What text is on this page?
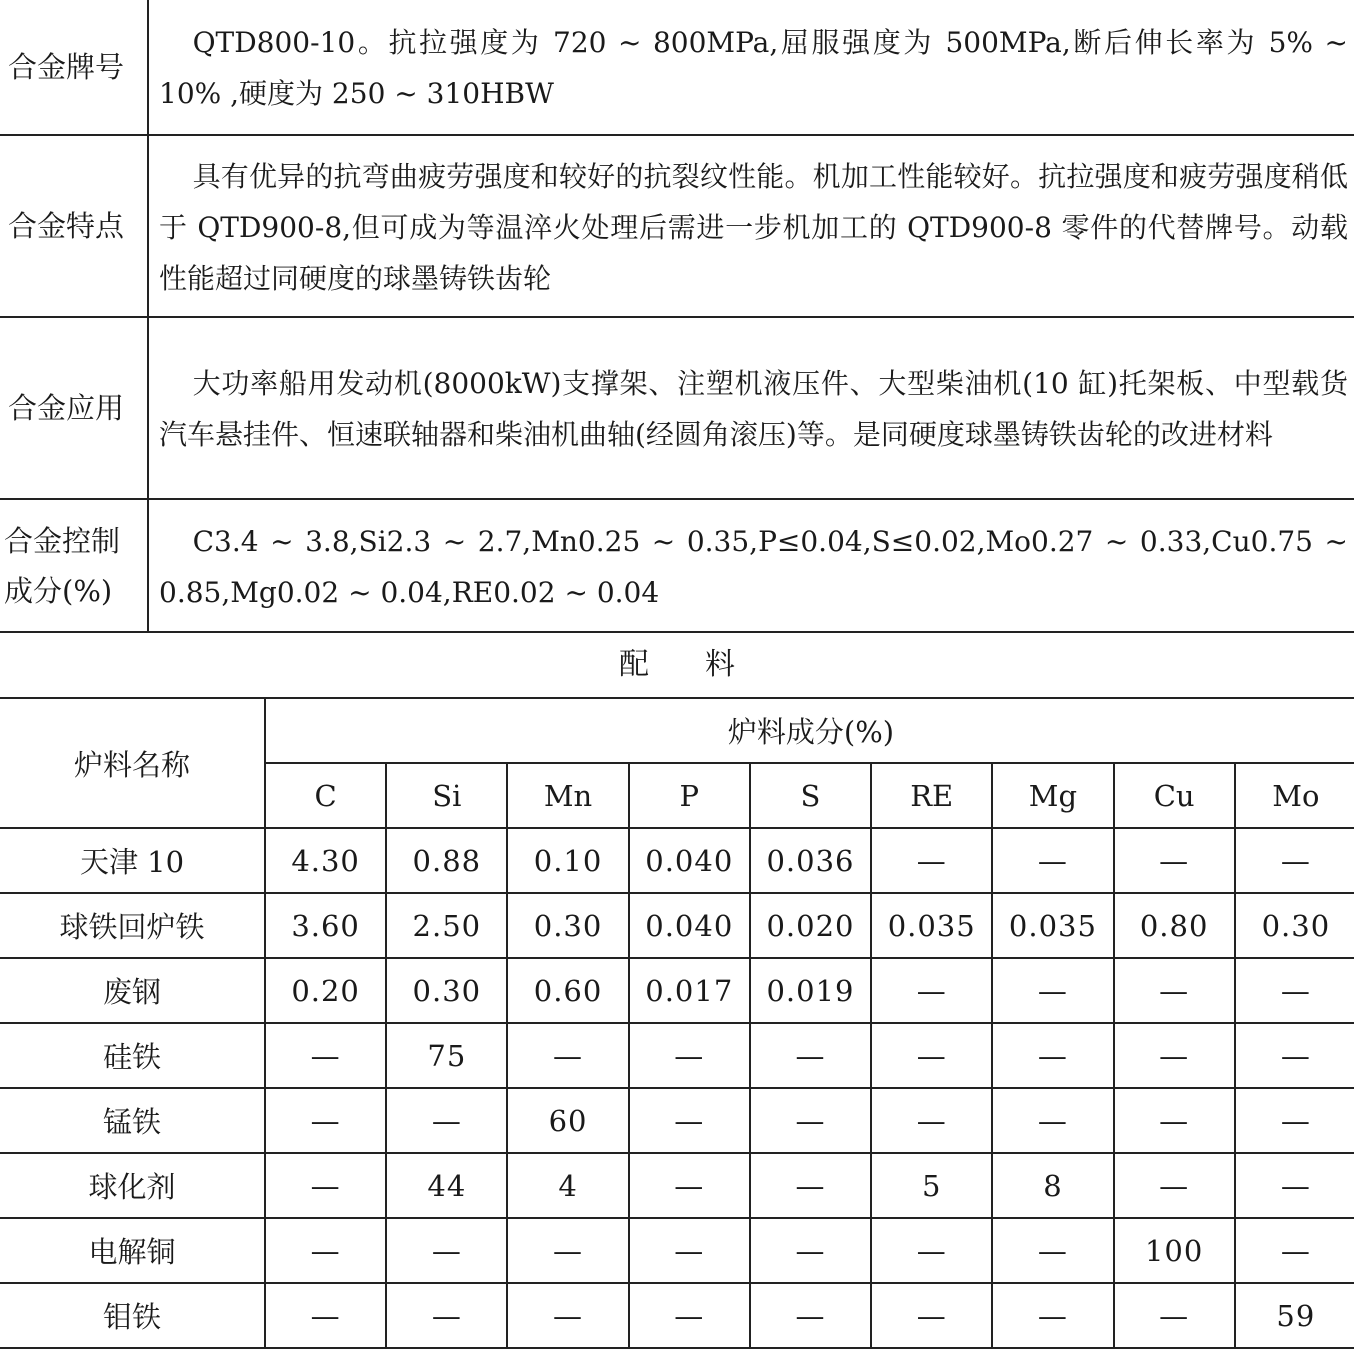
合金牌号	QTD800-10。抗拉强度为 720 ~ 800MPa,屈服强度为 500MPa,断后伸长率为 5% ~ 10% ,硬度为 250 ~ 310HBW
合金特点	具有优异的抗弯曲疲劳强度和较好的抗裂纹性能。机加工性能较好。抗拉强度和疲劳强度稍低于 QTD900-8,但可成为等温淬火处理后需进一步机加工的 QTD900-8 零件的代替牌号。动载性能超过同硬度的球墨铸铁齿轮
合金应用	大功率船用发动机(8000kW)支撑架、注塑机液压件、大型柴油机(10 缸)托架板、中型载货汽车悬挂件、恒速联轴器和柴油机曲轴(经圆角滚压)等。是同硬度球墨铸铁齿轮的改进材料

合金控制
成分(%)	C3.4 ~ 3.8,Si2.3 ~ 2.7,Mn0.25 ~ 0.35,P≤0.04,S≤0.02,Mo0.27 ~ 0.33,Cu0.75 ~ 0.85,Mg0.02 ~ 0.04,RE0.02 ~ 0.04
配料
炉料名称	炉料成分(%)								
	C	Si	Mn	P	S	RE	Mg	Cu	Mo
天津 10	4.30	0.88	0.10	0.040	0.036	—	—	—	—
球铁回炉铁	3.60	2.50	0.30	0.040	0.020	0.035	0.035	0.80	0.30
废钢	0.20	0.30	0.60	0.017	0.019	—	—	—	—
硅铁	—	75	—	—	—	—	—	—	—
锰铁	—	—	60	—	—	—	—	—	—
球化剂	—	44	4	—	—	5	8	—	—
电解铜	—	—	—	—	—	—	—	100	—
钼铁	—	—	—	—	—	—	—	—	59
